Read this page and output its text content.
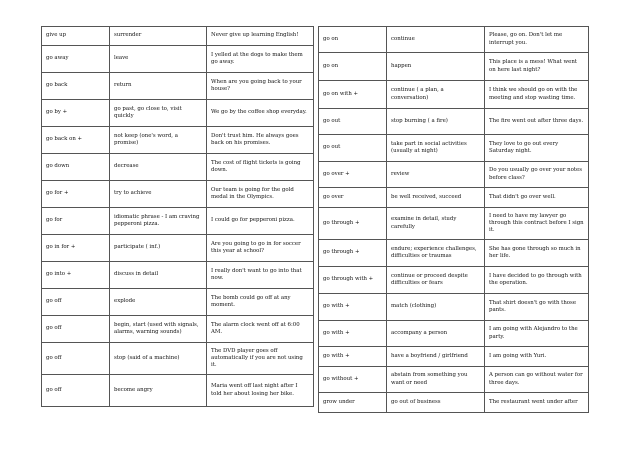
give up	surrender	Never give up learning English!
go away	leave	I yelled at the dogs to make them go away.
go back	return	When are you going back to your house?
go by +	go past, go close to, visit quickly	We go by the coffee shop everyday.
go back on +	not keep (one's word, a promise)	Don't trust him. He always goes back on his promises.
go down	decrease	The cost of flight tickets is going down.
go for +	try to achieve	Our team is going for the gold medal in the Olympics.
go for	idiomatic phrase - I am craving pepperoni pizza.	I could go for pepperoni pizza.
go in for +	participate ( inf.)	Are you going to go in for soccer this year at school?
go into +	discuss in detail	I really don't want to go into that now.
go off	explode	The bomb could go off at any moment.
go off	begin, start (used with signals, alarms, warning sounds)	The alarm clock went off at 6:00 AM.
go off	stop (said of a machine)	The DVD player goes off automatically if you are not using it.
go off	become angry	Maria went off last night after I told her about losing her bike.
go on	continue	Please, go on. Don't let me interrupt you.
go on	happen	This place is a mess! What went on here last night?
go on with +	continue ( a plan, a conversation)	I think we should go on with the meeting and stop wasting time.
go out	stop burning ( a fire)	The fire went out after three days.
go out	take part in social activities (usually at night)	They love to go out every Saturday night.
go over +	review	Do you usually go over your notes before class?
go over	be well received, succeed	That didn't go over well.
go through +	examine in detail, study carefully	I need to have my lawyer go through this contract before I sign it.
go through +	endure; experience challenges, difficulties or traumas	She has gone through so much in her life.
go through with +	continue or proceed despite difficulties or fears	I have decided to go through with the operation.
go with +	match (clothing)	That shirt doesn't go with those pants.
go with +	accompany a person	I am going with Alejandro to the party.
go with +	have a boyfriend / girlfriend	I am going with Yuri.
go without +	abstain from something you want or need	A person can go without water for three days.
grow under	go out of business	The restaurant went under after
